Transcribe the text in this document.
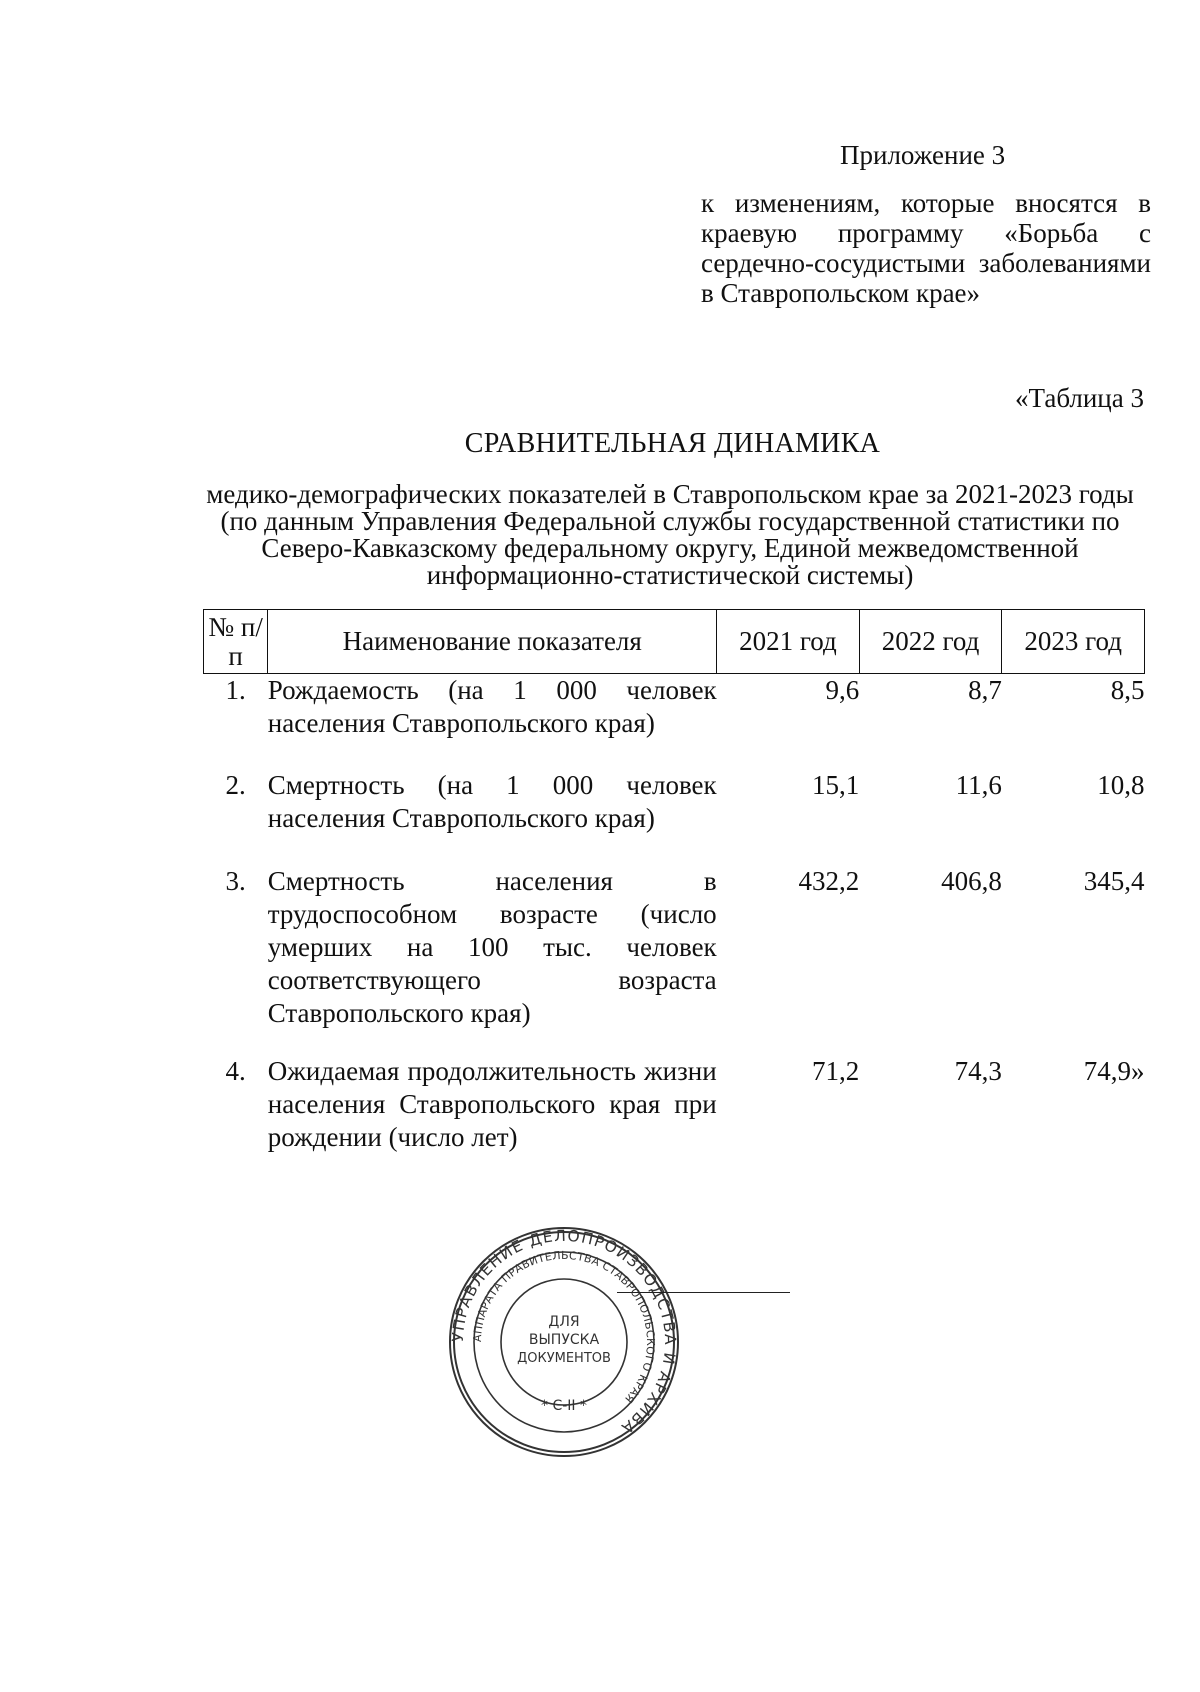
Приложение 3
к изменениям, которые вносятся в краевую программу «Борьба с сердечно-сосудистыми заболеваниями в Ставропольском крае»
«Таблица 3
СРАВНИТЕЛЬНАЯ ДИНАМИКА
медико-демографических показателей в Ставропольском крае за 2021-2023 годы (по данным Управления Федеральной службы государственной статистики по Северо-Кавказскому федеральному округу, Единой межведомственной информационно-статистической системы)
№ п/п	Наименование показателя	2021 год	2022 год	2023 год
1.	Рождаемость (на 1 000 человек населения Ставропольского края)	9,6	8,7	8,5
2.	Смертность (на 1 000 человек населения Ставропольского края)	15,1	11,6	10,8
3.	Смертность населения в трудоспособном возрасте (число умерших на 100 тыс. человек соответствующего возраста Ставропольского края)	432,2	406,8	345,4
4.	Ожидаемая продолжительность жизни населения Ставропольского края при рождении (число лет)	71,2	74,3	74,9»
УПРАВЛЕНИЕ ДЕЛОПРОИЗВОДСТВА И АРХИВА
АППАРАТА ПРАВИТЕЛЬСТВА СТАВРОПОЛЬСКОГО КРАЯ
ДЛЯ
ВЫПУСКА
ДОКУМЕНТОВ
* С-II *
